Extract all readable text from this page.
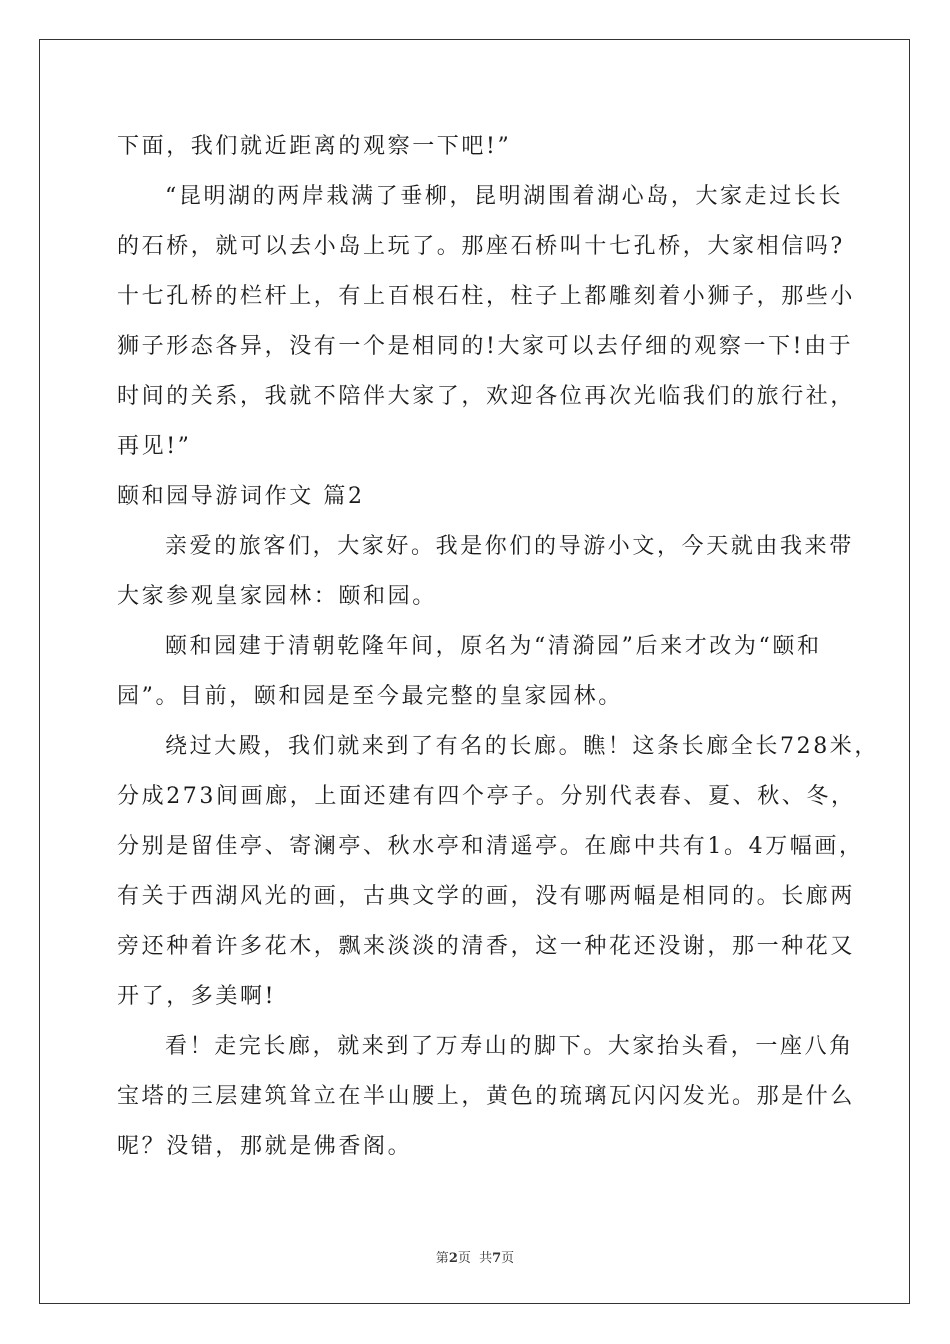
下面，我们就近距离的观察一下吧!”
“昆明湖的两岸栽满了垂柳，昆明湖围着湖心岛，大家走过长长
的石桥，就可以去小岛上玩了。那座石桥叫十七孔桥，大家相信吗?
十七孔桥的栏杆上，有上百根石柱，柱子上都雕刻着小狮子，那些小
狮子形态各异，没有一个是相同的!大家可以去仔细的观察一下!由于
时间的关系，我就不陪伴大家了，欢迎各位再次光临我们的旅行社，
再见!”
颐和园导游词作文 篇2
亲爱的旅客们，大家好。我是你们的导游小文，今天就由我来带
大家参观皇家园林：颐和园。
颐和园建于清朝乾隆年间，原名为“清漪园”后来才改为“颐和
园”。目前，颐和园是至今最完整的皇家园林。
绕过大殿，我们就来到了有名的长廊。瞧！这条长廊全长728米，
分成273间画廊，上面还建有四个亭子。分别代表春、夏、秋、冬，
分别是留佳亭、寄澜亭、秋水亭和清遥亭。在廊中共有1。4万幅画，
有关于西湖风光的画，古典文学的画，没有哪两幅是相同的。长廊两
旁还种着许多花木，飘来淡淡的清香，这一种花还没谢，那一种花又
开了，多美啊!
看！走完长廊，就来到了万寿山的脚下。大家抬头看，一座八角
宝塔的三层建筑耸立在半山腰上，黄色的琉璃瓦闪闪发光。那是什么
呢？没错，那就是佛香阁。
第2页  共7页
